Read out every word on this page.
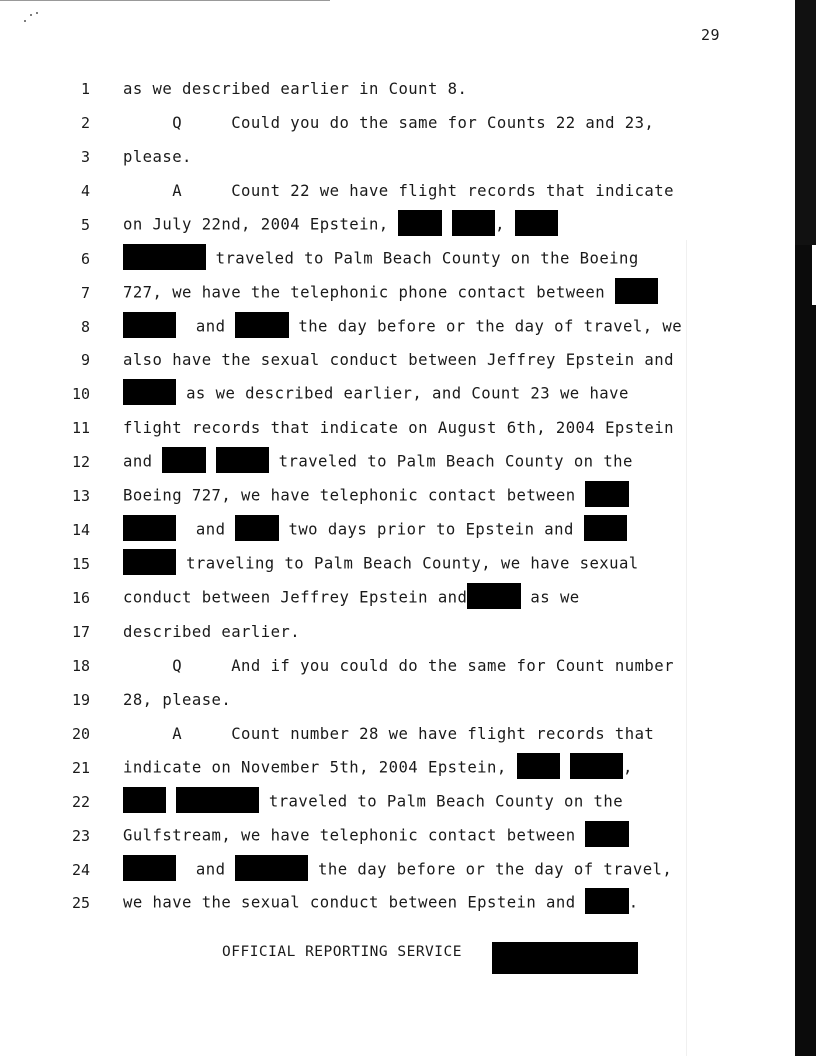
29
1 as we described earlier in Count 8.
2 Q     Could you do the same for Counts 22 and 23,
3 please.
4 A     Count 22 we have flight records that indicate
5 on July 22nd, 2004 Epstein,	,
6	traveled to Palm Beach County on the Boeing
7 727, we have the telephonic phone contact between
8	and	the day before or the day of travel, we
9 also have the sexual conduct between Jeffrey Epstein and
10	as we described earlier, and Count 23 we have
11 flight records that indicate on August 6th, 2004 Epstein
12 and	traveled to Palm Beach County on the
13 Boeing 727, we have telephonic contact between
14	and	two days prior to Epstein and
15	traveling to Palm Beach County, we have sexual
16 conduct between Jeffrey Epstein and	as we
17 described earlier.
18 Q     And if you could do the same for Count number
19 28, please.
20 A     Count number 28 we have flight records that
21 indicate on November 5th, 2004 Epstein,	,
22	traveled to Palm Beach County on the
23 Gulfstream, we have telephonic contact between
24	and	the day before or the day of travel,
25 we have the sexual conduct between Epstein and	.
OFFICIAL REPORTING SERVICE
